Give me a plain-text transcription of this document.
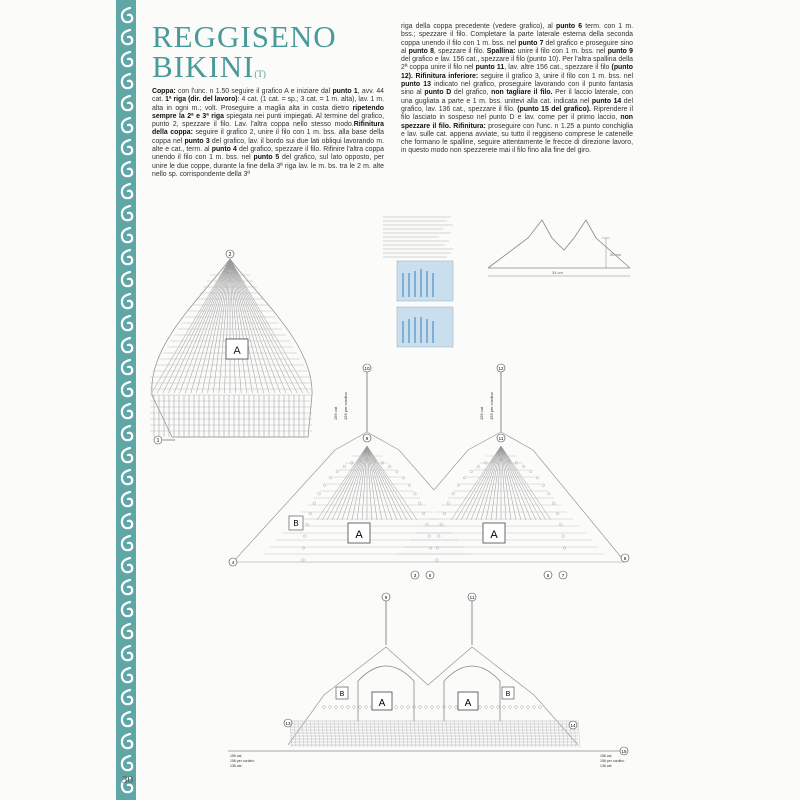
REGGISENO
BIKINI(T)
Coppa: con l'unc. n 1.50 seguire il grafico A e iniziare dal punto 1, avv. 44 cat. 1ª riga (dir. del lavoro): 4 cat. (1 cat. = sp.; 3 cat. = 1 m. alta), lav. 1 m. alta in ogni m.; volt. Proseguire a maglia alta in costa dietro ripetendo sempre la 2ª e 3ª riga spiegata nei punti impiegati. Al termine del grafico, punto 2, spezzare il filo. Lav. l'altra coppa nello stesso modo.Rifinitura della coppa: seguire il grafico 2, unire il filo con 1 m. bss. alla base della coppa nel punto 3 del grafico, lav. il bordo sui due lati obliqui lavorando m. alte e cat., term. al punto 4 del grafico, spezzare il filo. Rifinire l'altra coppa unendo il filo con 1 m. bss. nel punto 5 del grafico, sul lato opposto, per unire le due coppe, durante la fine della 3ª riga lav. le m. bs. tra le 2 m. alte nello sp. corrispondente della 3ª
riga della coppa precedente (vedere grafico), al punto 6 term. con 1 m. bss.; spezzare il filo. Completare la parte laterale esterna della seconda coppa unendo il filo con 1 m. bss. nel punto 7 del grafico e proseguire sino al punto 8, spezzare il filo. Spallina: unire il filo con 1 m. bss. nel punto 9 del grafico e lav. 156 cat., spezzare il filo (punto 10). Per l'altra spallina della 2ª coppa unire il filo nel punto 11, lav. altre 156 cat., spezzare il filo (punto 12). Rifinitura inferiore: seguire il grafico 3, unire il filo con 1 m. bss. nel punto 13 indicato nel grafico, proseguire lavorando con il punto fantasia sino al punto D del grafico, non tagliare il filo. Per il laccio laterale, con una gugliata a parte e 1 m. bss. unitevi alla cat. indicata nel punto 14 del grafico, lav. 136 cat., spezzare il filo. (punto 15 del grafico). Riprendere il filo lasciato in sospeso nel punto D e lav. come per il primo laccio, non spezzare il filo. Rifinitura: proseguire con l'unc. n 1.25 a punto conchiglia e lav. sulle cat. appena avviate, su tutto il reggiseno comprese le catenelle che formano le spalline, seguire attentamente le frecce di direzione lavoro, in questo modo non spezzerete mai il filo fino alla fine del giro.
20 cm
34 cm
A
2
1
A	A
B
156 cat 156 per cordino	156 cat 156 per cordino
10	12
9	11
4
8
3	6	5	7
A	A
B	B
156 cat
156 per cordino
136 cat
156 cat
156 per cordino
136 cat
9	11
13	14
15
30
